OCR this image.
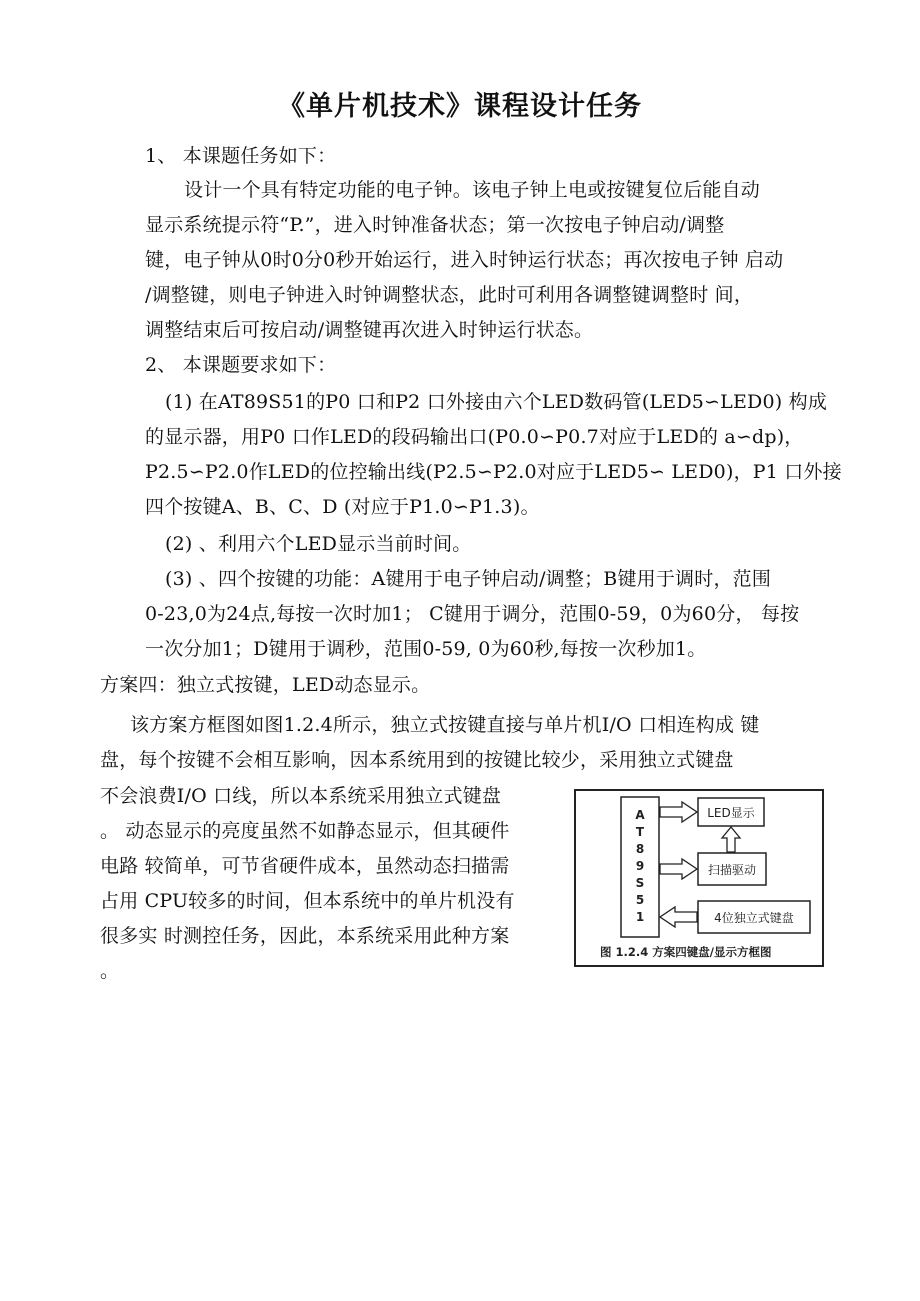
《单片机技术》课程设计任务
1、 本课题任务如下：
设计一个具有特定功能的电子钟。该电子钟上电或按键复位后能自动
显示系统提示符“P.”，进入时钟准备状态；第一次按电子钟启动/调整
键，电子钟从0时0分0秒开始运行，进入时钟运行状态；再次按电子钟 启动
/调整键，则电子钟进入时钟调整状态，此时可利用各调整键调整时 间，
调整结束后可按启动/调整键再次进入时钟运行状态。
2、 本课题要求如下：
(1) 在AT89S51的P0 口和P2 口外接由六个LED数码管(LED5∽LED0) 构成
的显示器，用P0 口作LED的段码输出口(P0.0∽P0.7对应于LED的 a∽dp)，
P2.5∽P2.0作LED的位控输出线(P2.5∽P2.0对应于LED5∽ LED0)，P1 口外接
四个按键A、B、C、D (对应于P1.0∽P1.3)。
(2) 、利用六个LED显示当前时间。
(3) 、四个按键的功能：A键用于电子钟启动/调整；B键用于调时，范围
0-23,0为24点,每按一次时加1； C键用于调分，范围0-59，0为60分， 每按
一次分加1；D键用于调秒，范围0-59, 0为60秒,每按一次秒加1。
方案四：独立式按键，LED动态显示。
该方案方框图如图1.2.4所示，独立式按键直接与单片机I/O 口相连构成 键
盘，每个按键不会相互影响，因本系统用到的按键比较少，采用独立式键盘
不会浪费I/O 口线，所以本系统采用独立式键盘
。 动态显示的亮度虽然不如静态显示，但其硬件
电路 较简单，可节省硬件成本，虽然动态扫描需
占用 CPU较多的时间，但本系统中的单片机没有
很多实 时测控任务，因此，本系统采用此种方案
。
A
T
8
9
S
5
1
LED显示
扫描驱动
4位独立式键盘
图 1.2.4 方案四键盘/显示方框图
